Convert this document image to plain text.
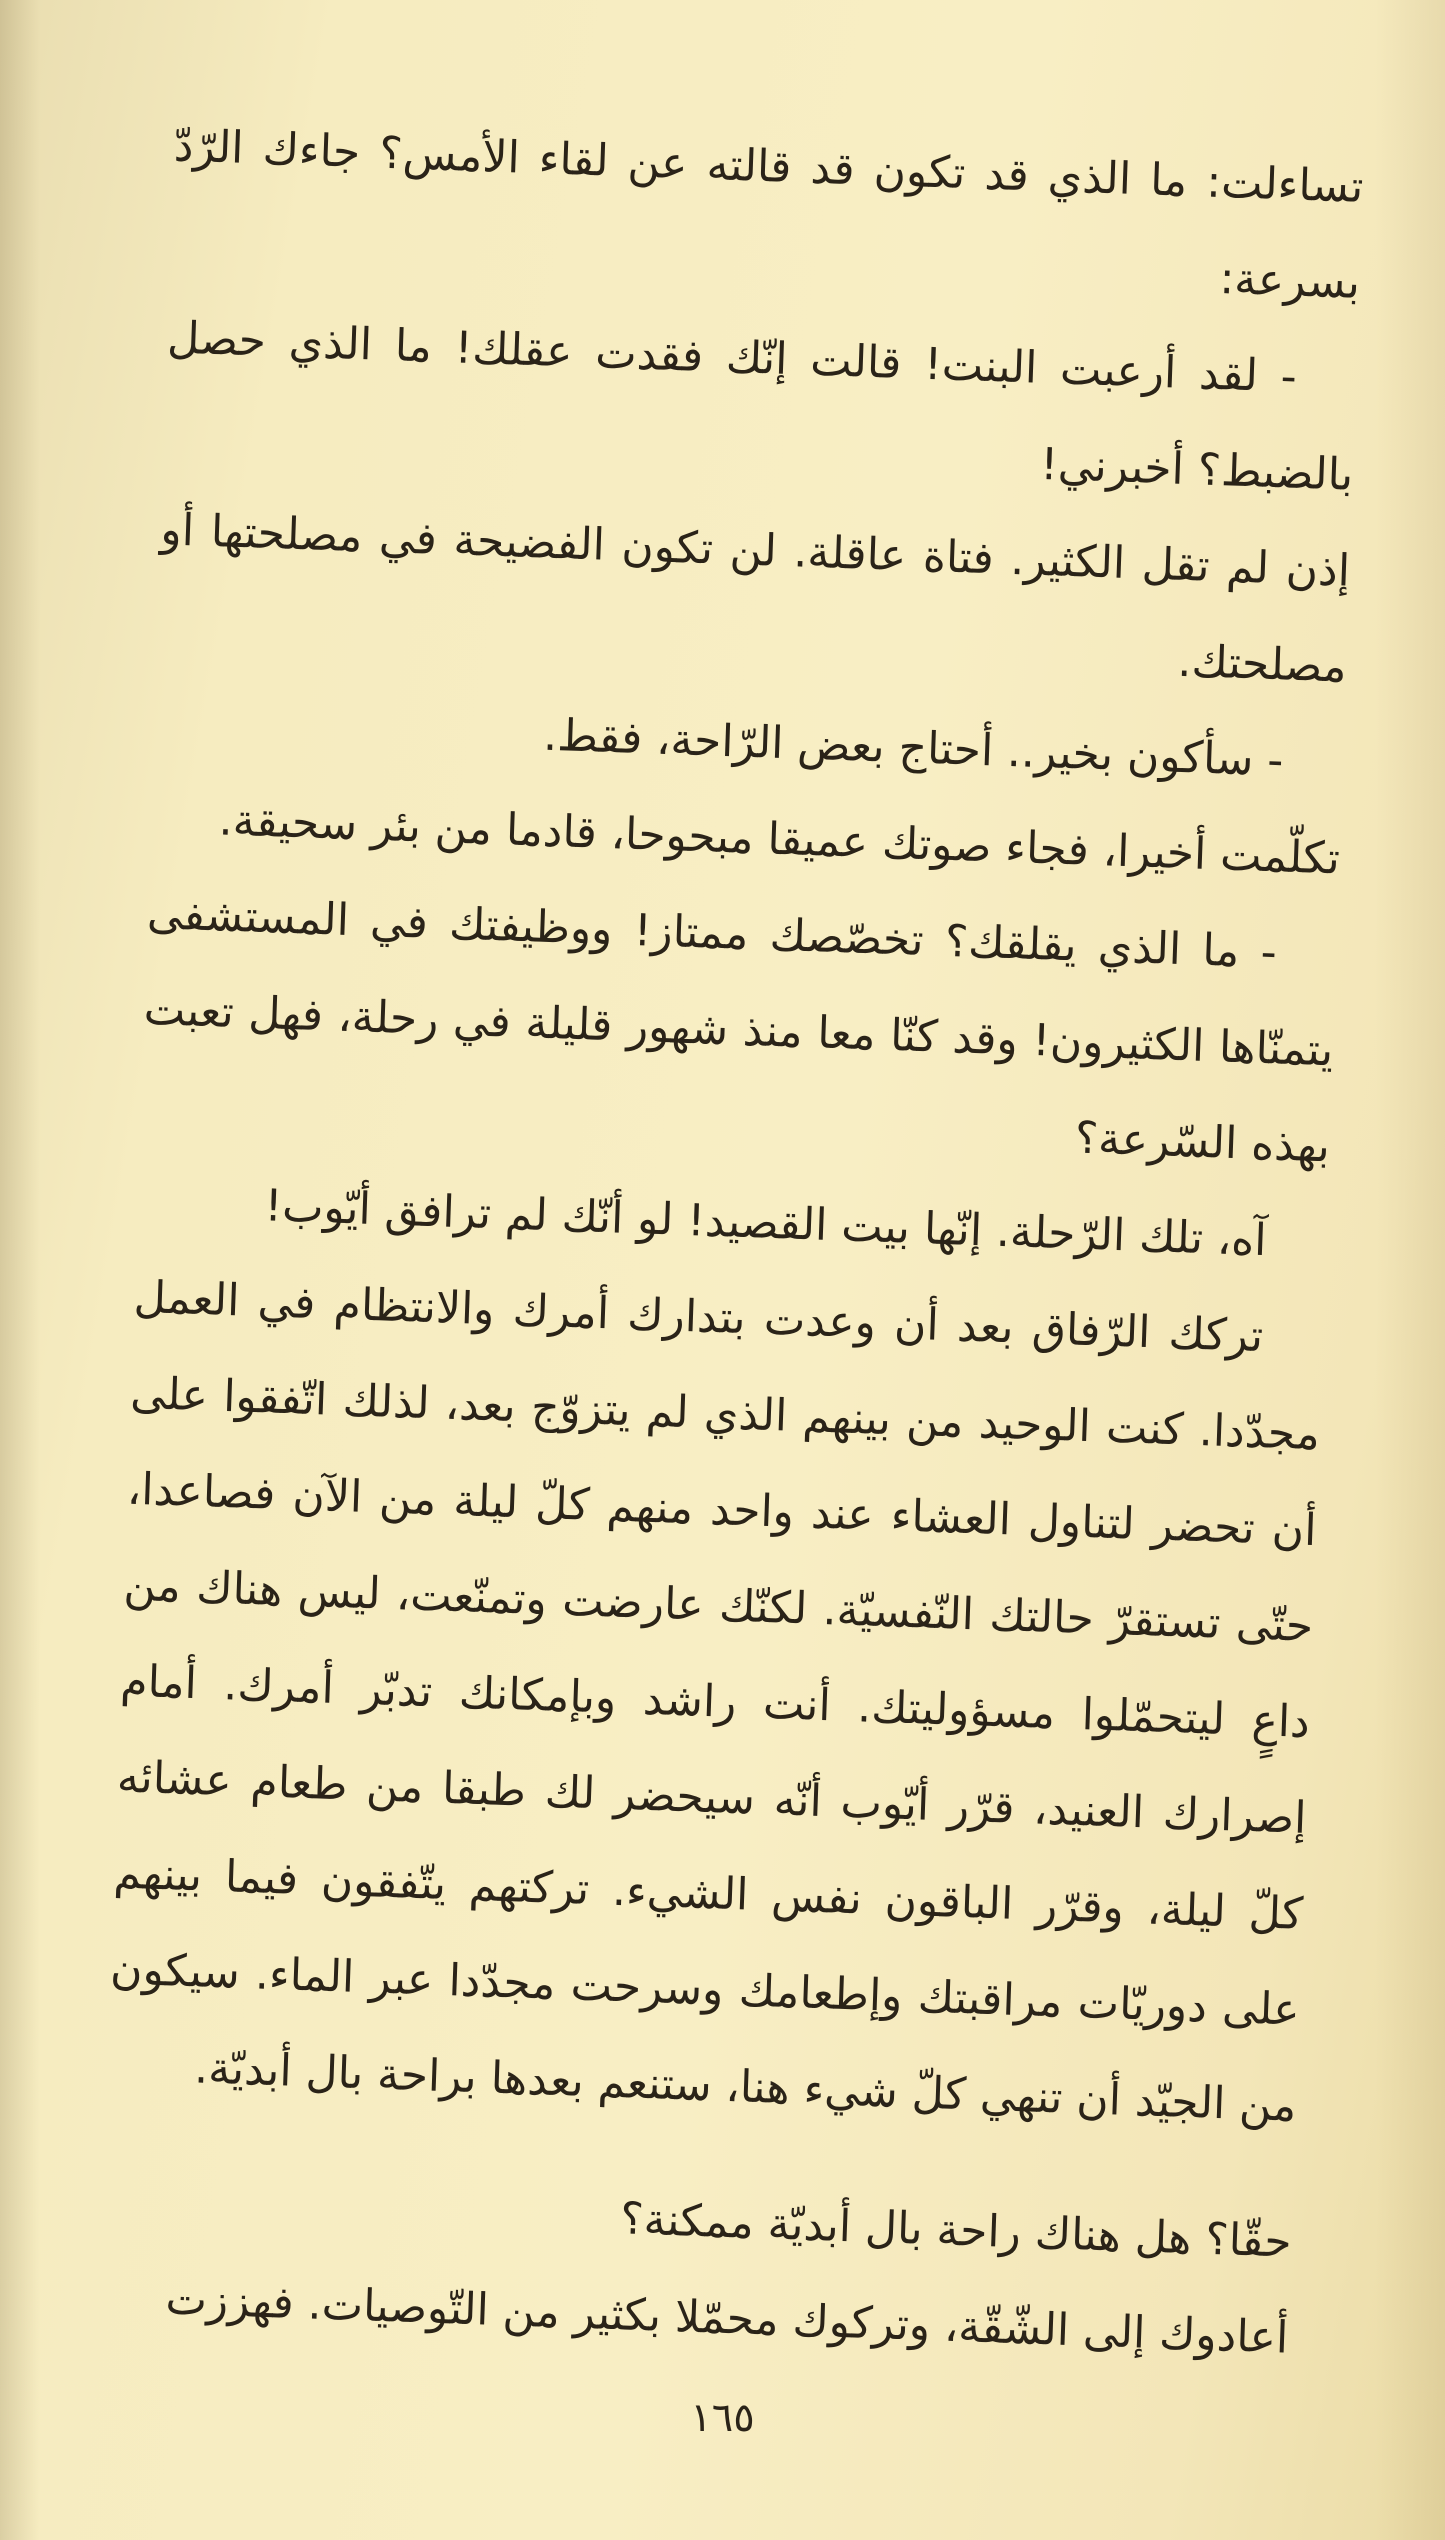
تساءلت: ما الذي قد تكون قد قالته عن لقاء الأمس؟ جاءك الرّدّ بسرعة:

- لقد أرعبت البنت! قالت إنّك فقدت عقلك! ما الذي حصل بالضبط؟ أخبرني!

إذن لم تقل الكثير. فتاة عاقلة. لن تكون الفضيحة في مصلحتها أو مصلحتك.

- سأكون بخير.. أحتاج بعض الرّاحة، فقط.

تكلّمت أخيرا، فجاء صوتك عميقا مبحوحا، قادما من بئر سحيقة.

- ما الذي يقلقك؟ تخصّصك ممتاز! ووظيفتك في المستشفى يتمنّاها الكثيرون! وقد كنّا معا منذ شهور قليلة في رحلة، فهل تعبت بهذه السّرعة؟

آه، تلك الرّحلة. إنّها بيت القصيد! لو أنّك لم ترافق أيّوب!

تركك الرّفاق بعد أن وعدت بتدارك أمرك والانتظام في العمل مجدّدا. كنت الوحيد من بينهم الذي لم يتزوّج بعد، لذلك اتّفقوا على أن تحضر لتناول العشاء عند واحد منهم كلّ ليلة من الآن فصاعدا، حتّى تستقرّ حالتك النّفسيّة. لكنّك عارضت وتمنّعت، ليس هناك من داعٍ ليتحمّلوا مسؤوليتك. أنت راشد وبإمكانك تدبّر أمرك. أمام إصرارك العنيد، قرّر أيّوب أنّه سيحضر لك طبقا من طعام عشائه كلّ ليلة، وقرّر الباقون نفس الشيء. تركتهم يتّفقون فيما بينهم على دوريّات مراقبتك وإطعامك وسرحت مجدّدا عبر الماء. سيكون من الجيّد أن تنهي كلّ شيء هنا، ستنعم بعدها براحة بال أبديّة.

حقّا؟ هل هناك راحة بال أبديّة ممكنة؟

أعادوك إلى الشّقّة، وتركوك محمّلا بكثير من التّوصيات. فهززت

١٦٥
